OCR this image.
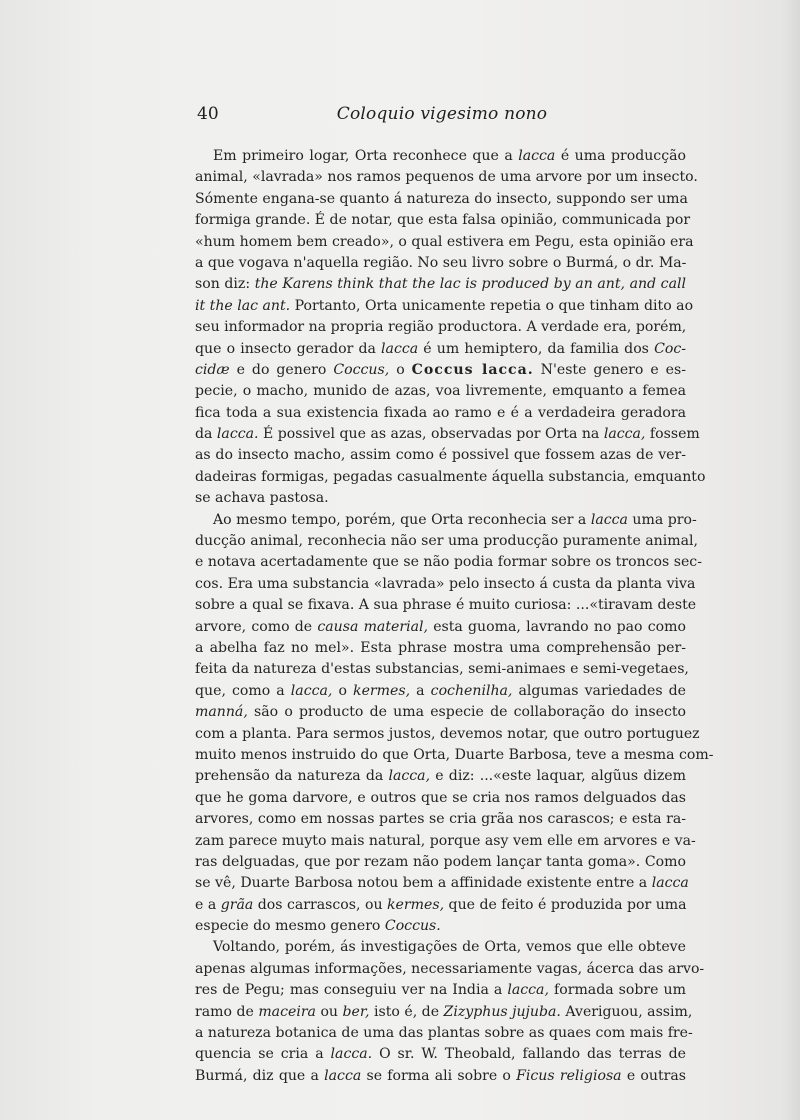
40	Coloquio vigesimo nono
Em primeiro logar, Orta reconhece que a lacca é uma producção
animal, «lavrada» nos ramos pequenos de uma arvore por um insecto.
Sómente engana-se quanto á natureza do insecto, suppondo ser uma
formiga grande. É de notar, que esta falsa opinião, communicada por
«hum homem bem creado», o qual estivera em Pegu, esta opinião era
a que vogava n'aquella região. No seu livro sobre o Burmá, o dr. Ma-
son diz: the Karens think that the lac is produced by an ant, and call
it the lac ant. Portanto, Orta unicamente repetia o que tinham dito ao
seu informador na propria região productora. A verdade era, porém,
que o insecto gerador da lacca é um hemiptero, da familia dos Coc-
cidæ e do genero Coccus, o Coccus lacca. N'este genero e es-
pecie, o macho, munido de azas, voa livremente, emquanto a femea
fica toda a sua existencia fixada ao ramo e é a verdadeira geradora
da lacca. É possivel que as azas, observadas por Orta na lacca, fossem
as do insecto macho, assim como é possivel que fossem azas de ver-
dadeiras formigas, pegadas casualmente áquella substancia, emquanto
se achava pastosa.
Ao mesmo tempo, porém, que Orta reconhecia ser a lacca uma pro-
ducção animal, reconhecia não ser uma producção puramente animal,
e notava acertadamente que se não podia formar sobre os troncos sec-
cos. Era uma substancia «lavrada» pelo insecto á custa da planta viva
sobre a qual se fixava. A sua phrase é muito curiosa: ...«tiravam deste
arvore, como de causa material, esta guoma, lavrando no pao como
a abelha faz no mel». Esta phrase mostra uma comprehensão per-
feita da natureza d'estas substancias, semi-animaes e semi-vegetaes,
que, como a lacca, o kermes, a cochenilha, algumas variedades de
manná, são o producto de uma especie de collaboração do insecto
com a planta. Para sermos justos, devemos notar, que outro portuguez
muito menos instruido do que Orta, Duarte Barbosa, teve a mesma com-
prehensão da natureza da lacca, e diz: ...«este laquar, algũus dizem
que he goma darvore, e outros que se cria nos ramos delguados das
arvores, como em nossas partes se cria grãa nos carascos; e esta ra-
zam parece muyto mais natural, porque asy vem elle em arvores e va-
ras delguadas, que por rezam não podem lançar tanta goma». Como
se vê, Duarte Barbosa notou bem a affinidade existente entre a lacca
e a grãa dos carrascos, ou kermes, que de feito é produzida por uma
especie do mesmo genero Coccus.
Voltando, porém, ás investigações de Orta, vemos que elle obteve
apenas algumas informações, necessariamente vagas, ácerca das arvo-
res de Pegu; mas conseguiu ver na India a lacca, formada sobre um
ramo de maceira ou ber, isto é, de Zizyphus jujuba. Averiguou, assim,
a natureza botanica de uma das plantas sobre as quaes com mais fre-
quencia se cria a lacca. O sr. W. Theobald, fallando das terras de
Burmá, diz que a lacca se forma ali sobre o Ficus religiosa e outras
